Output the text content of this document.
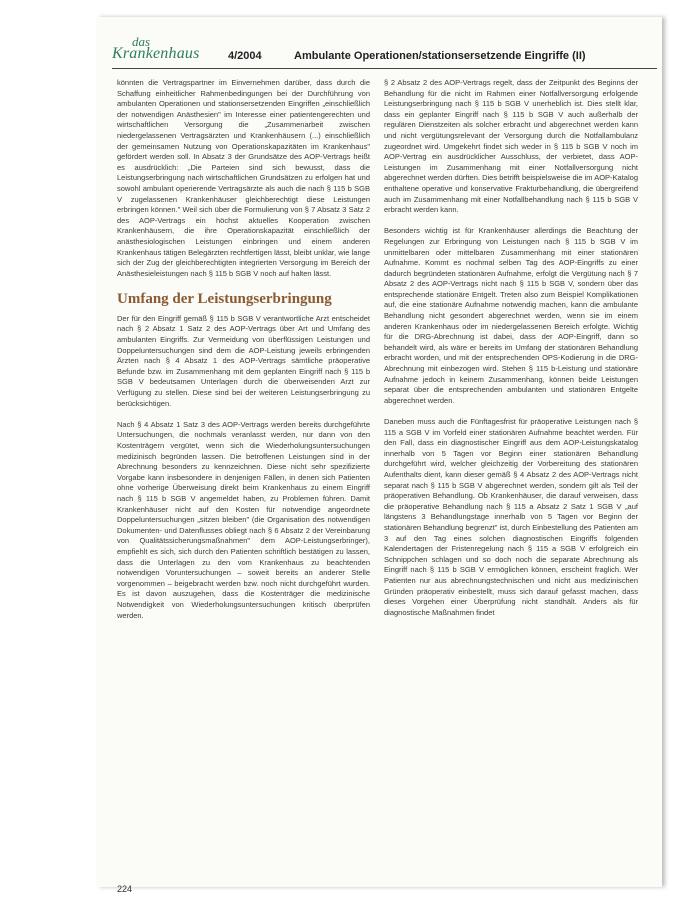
das
Krankenhaus	4/2004	Ambulante Operationen/stationsersetzende Eingriffe (II)

könnten die Vertragspartner im Einvernehmen darüber, dass durch die Schaffung einheitlicher Rahmenbedingungen bei der Durchführung von ambulanten Operationen und stationsersetzenden Eingriffen „einschließlich der notwendigen Anästhesien" im Interesse einer patientengerechten und wirtschaftlichen Versorgung die „Zusammenarbeit zwischen niedergelassenen Vertragsärzten und Krankenhäusern (...) einschließlich der gemeinsamen Nutzung von Operationskapazitäten im Krankenhaus" gefördert werden soll. In Absatz 3 der Grundsätze des AOP-Vertrags heißt es ausdrücklich: „Die Parteien sind sich bewusst, dass die Leistungserbringung nach wirtschaftlichen Grundsätzen zu erfolgen hat und sowohl ambulant operierende Vertragsärzte als auch die nach § 115 b SGB V zugelassenen Krankenhäuser gleichberechtigt diese Leistungen erbringen können." Weil sich über die Formulierung von § 7 Absatz 3 Satz 2 des AOP-Vertrags ein höchst aktuelles Kooperation zwischen Krankenhäusern, die ihre Operationskapazität einschließlich der anästhesiologischen Leistungen einbringen und einem anderen Krankenhaus tätigen Belegärzten rechtfertigen lässt, bleibt unklar, wie lange sich der Zug der gleichberechtigten integrierten Versorgung im Bereich der Anästhesieleistungen nach § 115 b SGB V noch auf halten lässt.

Umfang der Leistungserbringung

Der für den Eingriff gemäß § 115 b SGB V verantwortliche Arzt entscheidet nach § 2 Absatz 1 Satz 2 des AOP-Vertrags über Art und Umfang des ambulanten Eingriffs. Zur Vermeidung von überflüssigen Leistungen und Doppeluntersuchungen sind dem die AOP-Leistung jeweils erbringenden Ärzten nach § 4 Absatz 1 des AOP-Vertrags sämtliche präoperative Befunde bzw. im Zusammenhang mit dem geplanten Eingriff nach § 115 b SGB V bedeutsamen Unterlagen durch die überweisenden Arzt zur Verfügung zu stellen. Diese sind bei der weiteren Leistungserbringung zu berücksichtigen.

Nach § 4 Absatz 1 Satz 3 des AOP-Vertrags werden bereits durchgeführte Untersuchungen, die nochmals veranlasst werden, nur dann von den Kostenträgern vergütet, wenn sich die Wiederholungsuntersuchungen medizinisch begründen lassen. Die betroffenen Leistungen sind in der Abrechnung besonders zu kennzeichnen. Diese nicht sehr spezifizierte Vorgabe kann insbesondere in denjenigen Fällen, in denen sich Patienten ohne vorherige Überweisung direkt beim Krankenhaus zu einem Eingriff nach § 115 b SGB V angemeldet haben, zu Problemen führen. Damit Krankenhäuser nicht auf den Kosten für notwendige angeordnete Doppeluntersuchungen „sitzen bleiben" (die Organisation des notwendigen Dokumenten- und Datenflusses obliegt nach § 6 Absatz 2 der Vereinbarung von Qualitätssicherungsmaßnahmen" dem AOP-Leistungserbringer), empfiehlt es sich, sich durch den Patienten schriftlich bestätigen zu lassen, dass die Unterlagen zu den vom Krankenhaus zu beachtenden notwendigen Voruntersuchungen – soweit bereits an anderer Stelle vorgenommen – beigebracht werden bzw. noch nicht durchgeführt wurden. Es ist davon auszugehen, dass die Kostenträger die medizinische Notwendigkeit von Wiederholungsuntersuchungen kritisch überprüfen werden.

§ 2 Absatz 2 des AOP-Vertrags regelt, dass der Zeitpunkt des Beginns der Behandlung für die nicht im Rahmen einer Notfallversorgung erfolgende Leistungserbringung nach § 115 b SGB V unerheblich ist. Dies stellt klar, dass ein geplanter Eingriff nach § 115 b SGB V auch außerhalb der regulären Dienstzeiten als solcher erbracht und abgerechnet werden kann und nicht vergütungsrelevant der Versorgung durch die Notfallambulanz zugeordnet wird. Umgekehrt findet sich weder in § 115 b SGB V noch im AOP-Vertrag ein ausdrücklicher Ausschluss, der verbietet, dass AOP-Leistungen im Zusammenhang mit einer Notfallversorgung nicht abgerechnet werden dürften. Dies betrifft beispielsweise die im AOP-Katalog enthaltene operative und konservative Frakturbehandlung, die übergreifend auch im Zusammenhang mit einer Notfallbehandlung nach § 115 b SGB V erbracht werden kann.

Besonders wichtig ist für Krankenhäuser allerdings die Beachtung der Regelungen zur Erbringung von Leistungen nach § 115 b SGB V im unmittelbaren oder mittelbaren Zusammenhang mit einer stationären Aufnahme. Kommt es nochmal selben Tag des AOP-Eingriffs zu einer dadurch begründeten stationären Aufnahme, erfolgt die Vergütung nach § 7 Absatz 2 des AOP-Vertrags nicht nach § 115 b SGB V, sondern über das entsprechende stationäre Entgelt. Treten also zum Beispiel Komplikationen auf, die eine stationäre Aufnahme notwendig machen, kann die ambulante Behandlung nicht gesondert abgerechnet werden, wenn sie im einem anderen Krankenhaus oder im niedergelassenen Bereich erfolgte. Wichtig für die DRG-Abrechnung ist dabei, dass der AOP-Eingriff, dann so behandelt wird, als wäre er bereits im Umfang der stationären Behandlung erbracht worden, und mit der entsprechenden OPS-Kodierung in die DRG-Abrechnung mit einbezogen wird. Stehen § 115 b-Leistung und stationäre Aufnahme jedoch in keinem Zusammenhang, können beide Leistungen separat über die entsprechenden ambulanten und stationären Entgelte abgerechnet werden.

Daneben muss auch die Fünftagesfrist für präoperative Leistungen nach § 115 a SGB V im Vorfeld einer stationären Aufnahme beachtet werden. Für den Fall, dass ein diagnostischer Eingriff aus dem AOP-Leistungskatalog innerhalb von 5 Tagen vor Beginn einer stationären Behandlung durchgeführt wird, welcher gleichzeitig der Vorbereitung des stationären Aufenthalts dient, kann dieser gemäß § 4 Absatz 2 des AOP-Vertrags nicht separat nach § 115 b SGB V abgerechnet werden, sondern gilt als Teil der präoperativen Behandlung. Ob Krankenhäuser, die darauf verweisen, dass die präoperative Behandlung nach § 115 a Absatz 2 Satz 1 SGB V „auf längstens 3 Behandlungstage innerhalb von 5 Tagen vor Beginn der stationären Behandlung begrenzt" ist, durch Einbestellung des Patienten am 3 auf den Tag eines solchen diagnostischen Eingriffs folgenden Kalendertagen der Fristenregelung nach § 115 a SGB V erfolgreich ein Schnippchen schlagen und so doch noch die separate Abrechnung als Eingriff nach § 115 b SGB V ermöglichen können, erscheint fraglich. Wer Patienten nur aus abrechnungstechnischen und nicht aus medizinischen Gründen präoperativ einbestellt, muss sich darauf gefasst machen, dass dieses Vorgehen einer Überprüfung nicht standhält. Anders als für diagnostische Maßnahmen findet

224
